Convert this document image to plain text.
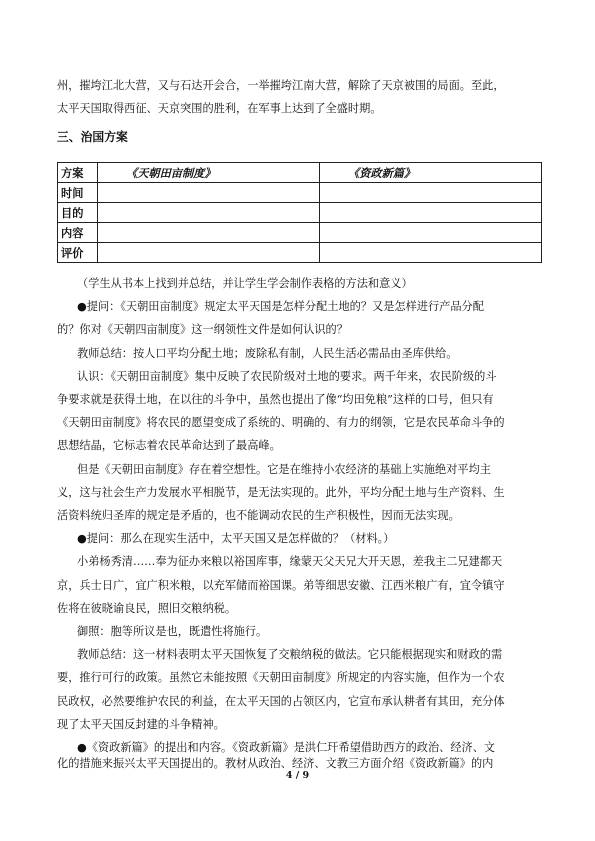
州，摧垮江北大营，又与石达开会合，一举摧垮江南大营，解除了天京被围的局面。至此，
太平天国取得西征、天京突围的胜利，在军事上达到了全盛时期。
三、治国方案
方案	《天朝田亩制度》	《资政新篇》
时间		
目的		
内容		
评价		
（学生从书本上找到并总结，并让学生学会制作表格的方法和意义）
●提问：《天朝田亩制度》规定太平天国是怎样分配土地的？又是怎样进行产品分配
的？你对《天朝四亩制度》这一纲领性文件是如何认识的？
教师总结：按人口平均分配土地；废除私有制，人民生活必需品由圣库供给。
认识：《天朝田亩制度》集中反映了农民阶级对土地的要求。两千年来，农民阶级的斗
争要求就是获得土地，在以往的斗争中，虽然也提出了像“均田免粮”这样的口号，但只有
《天朝田亩制度》将农民的愿望变成了系统的、明确的、有力的纲领，它是农民革命斗争的
思想结晶，它标志着农民革命达到了最高峰。
但是《天朝田亩制度》存在着空想性。它是在维持小农经济的基础上实施绝对平均主
义，这与社会生产力发展水平相脱节，是无法实现的。此外，平均分配土地与生产资料、生
活资料统归圣库的规定是矛盾的，也不能调动农民的生产积极性，因而无法实现。
●提问：那么在现实生活中，太平天国又是怎样做的？（材料。）
小弟杨秀清……奉为征办来粮以裕国库事，缘蒙天父天兄大开天恩，差我主二兄建都天
京，兵士日广，宜广积米粮，以充军储而裕国课。弟等细思安徽、江西米粮广有，宜令镇守
佐将在彼晓谕良民，照旧交粮纳税。
御照：胞等所议是也，既遣性将施行。
教师总结：这一材料表明太平天国恢复了交粮纳税的做法。它只能根据现实和财政的需
要，推行可行的政策。虽然它未能按照《天朝田亩制度》所规定的内容实施，但作为一个农
民政权，必然要维护农民的利益，在太平天国的占领区内，它宣布承认耕者有其田，充分体
现了太平天国反封建的斗争精神。
●《资政新篇》的提出和内容。《资政新篇》是洪仁玕希望借助西方的政治、经济、文
化的措施来振兴太平天国提出的。教材从政治、经济、文教三方面介绍《资政新篇》的内
4 / 9
